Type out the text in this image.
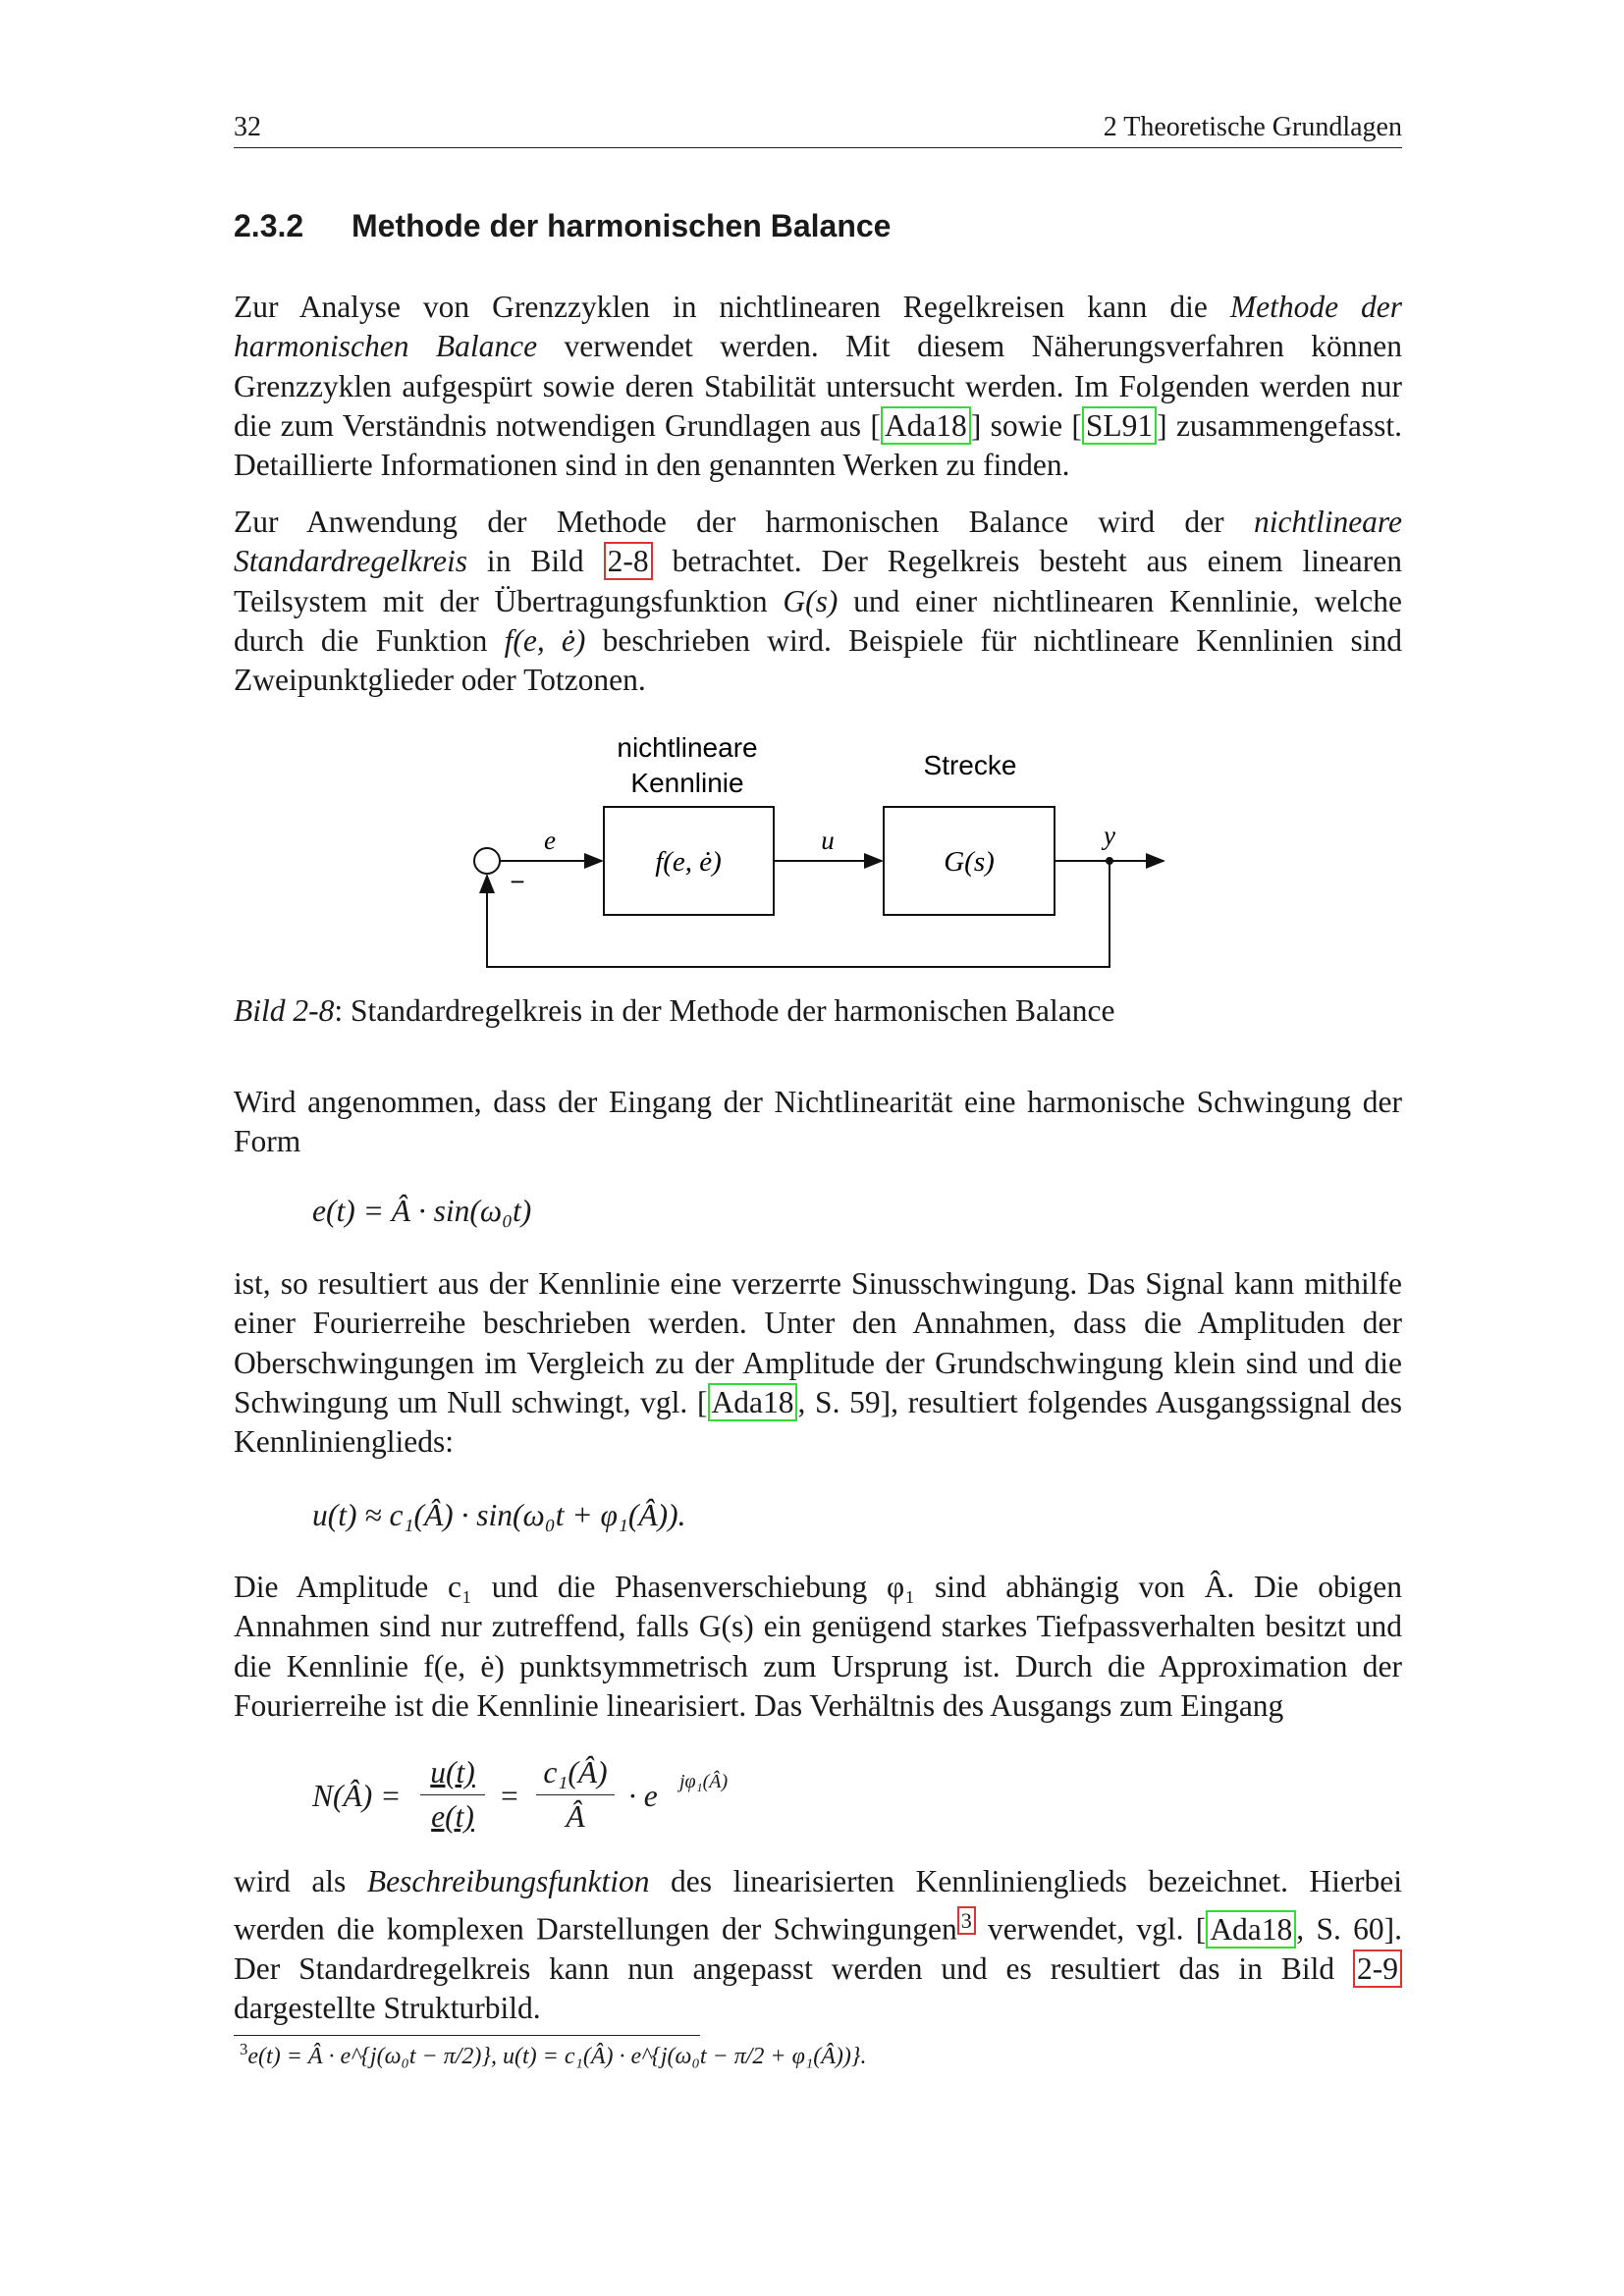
32	2 Theoretische Grundlagen
2.3.2 Methode der harmonischen Balance
Zur Analyse von Grenzzyklen in nichtlinearen Regelkreisen kann die Methode der harmonischen Balance verwendet werden. Mit diesem Näherungsverfahren können Grenzzyklen aufgespürt sowie deren Stabilität untersucht werden. Im Folgenden werden nur die zum Verständnis notwendigen Grundlagen aus [ Ada18 ] sowie [ SL91 ] zusammengefasst. Detaillierte Informationen sind in den genannten Werken zu finden.
Zur Anwendung der Methode der harmonischen Balance wird der nichtlineare Standardregelkreis in Bild 2-8 betrachtet. Der Regelkreis besteht aus einem linearen Teilsystem mit der Übertragungsfunktion G(s) und einer nichtlinearen Kennlinie, welche durch die Funktion f(e, ė) beschrieben wird. Beispiele für nichtlineare Kennlinien sind Zweipunktglieder oder Totzonen.
nichtlineare
Kennlinie
Strecke
f(e, ė)	G(s)
e	u	y
−
Bild 2-8: Standardregelkreis in der Methode der harmonischen Balance
Wird angenommen, dass der Eingang der Nichtlinearität eine harmonische Schwingung der Form
e(t) = Â · sin(ω₀t)
ist, so resultiert aus der Kennlinie eine verzerrte Sinusschwingung. Das Signal kann mithilfe einer Fourierreihe beschrieben werden. Unter den Annahmen, dass die Amplituden der Oberschwingungen im Vergleich zu der Amplitude der Grundschwingung klein sind und die Schwingung um Null schwingt, vgl. [ Ada18 , S. 59], resultiert folgendes Ausgangssignal des Kennlinienglieds:
u(t) ≈ c₁(Â) · sin(ω₀t + φ₁(Â)).
Die Amplitude c₁ und die Phasenverschiebung φ₁ sind abhängig von Â. Die obigen Annahmen sind nur zutreffend, falls G(s) ein genügend starkes Tiefpassverhalten besitzt und die Kennlinie f(e, ė) punktsymmetrisch zum Ursprung ist. Durch die Approximation der Fourierreihe ist die Kennlinie linearisiert. Das Verhältnis des Ausgangs zum Eingang
N(Â) =
u(t)
e(t)
=
c₁(Â)
Â
· e jφ₁(Â)
wird als Beschreibungsfunktion des linearisierten Kennlinienglieds bezeichnet. Hierbei werden die komplexen Darstellungen der Schwingungen $^3$ verwendet, vgl. [ Ada18 , S. 60]. Der Standardregelkreis kann nun angepasst werden und es resultiert das in Bild 2-9 dargestellte Strukturbild.
$^3$e(t) = Â · e^{j(ω₀t − π/2)}, u(t) = c₁(Â) · e^{j(ω₀t − π/2 + φ₁(Â))}.
